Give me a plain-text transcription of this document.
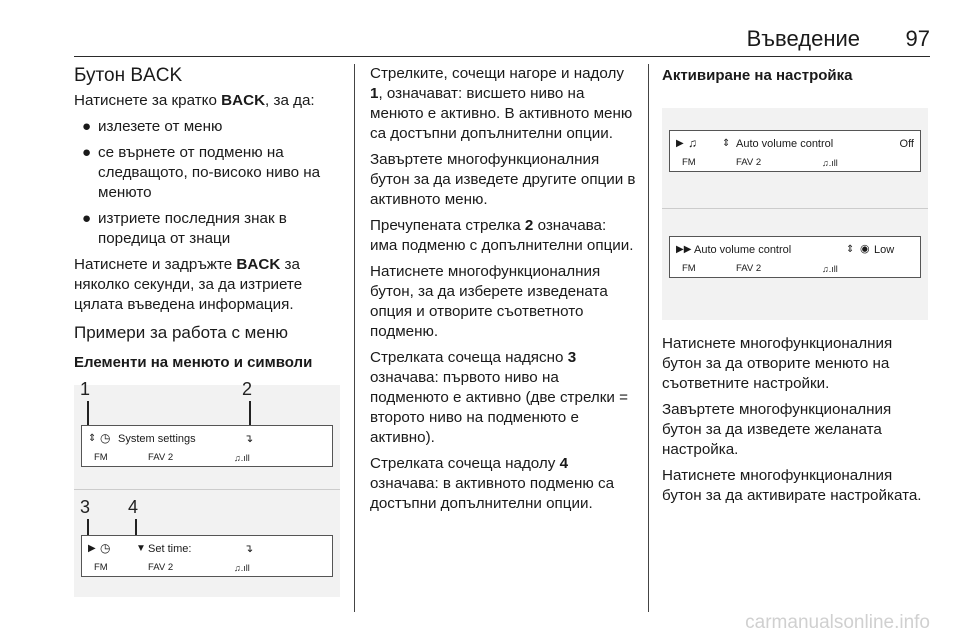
Въведение 97
Бутон BACK

Натиснете за кратко BACK, за да:

● излезете от меню
● се върнете от подменю на следващото, по-високо ниво на менюто
● изтриете последния знак в поредица от знаци

Натиснете и задръжте BACK за няколко секунди, за да изтриете цялата въведена информация.

Примери за работа с меню
Елементи на менюто и символи
1	2
⇕ ◷ System settings	↴
FM	FAV 2	♫.ıll
3 4
▶ ◷	▼ Set time:	↴
FM	FAV 2	♫.ıll

Стрелките, сочещи нагоре и надолу 1, означават: висшето ниво на менюто е активно. В активното меню са достъпни допълнителни опции.

Завъртете многофункционалния бутон за да изведете другите опции в активното меню.

Пречупената стрелка 2 означава: има подменю с допълнителни опции.

Натиснете многофункционалния бутон, за да изберете изведената опция и отворите съответното подменю.

Стрелката сочеща надясно 3 означава: първото ниво на подменюто е активно (две стрелки = второто ниво на подменюто е активно).

Стрелката сочеща надолу 4 означава: в активното подменю са достъпни допълнителни опции.

Активиране на настройка
▶ ♫	⇕ Auto volume control	Off
FM	FAV 2	♫.ıll
▶▶ Auto volume control	⇕ ◉ Low
FM	FAV 2	♫.ıll

Натиснете многофункционалния бутон за да отворите менюто на съответните настройки.

Завъртете многофункционалния бутон за да изведете желаната настройка.

Натиснете многофункционалния бутон за да активирате настройката.

carmanualsonline.info
